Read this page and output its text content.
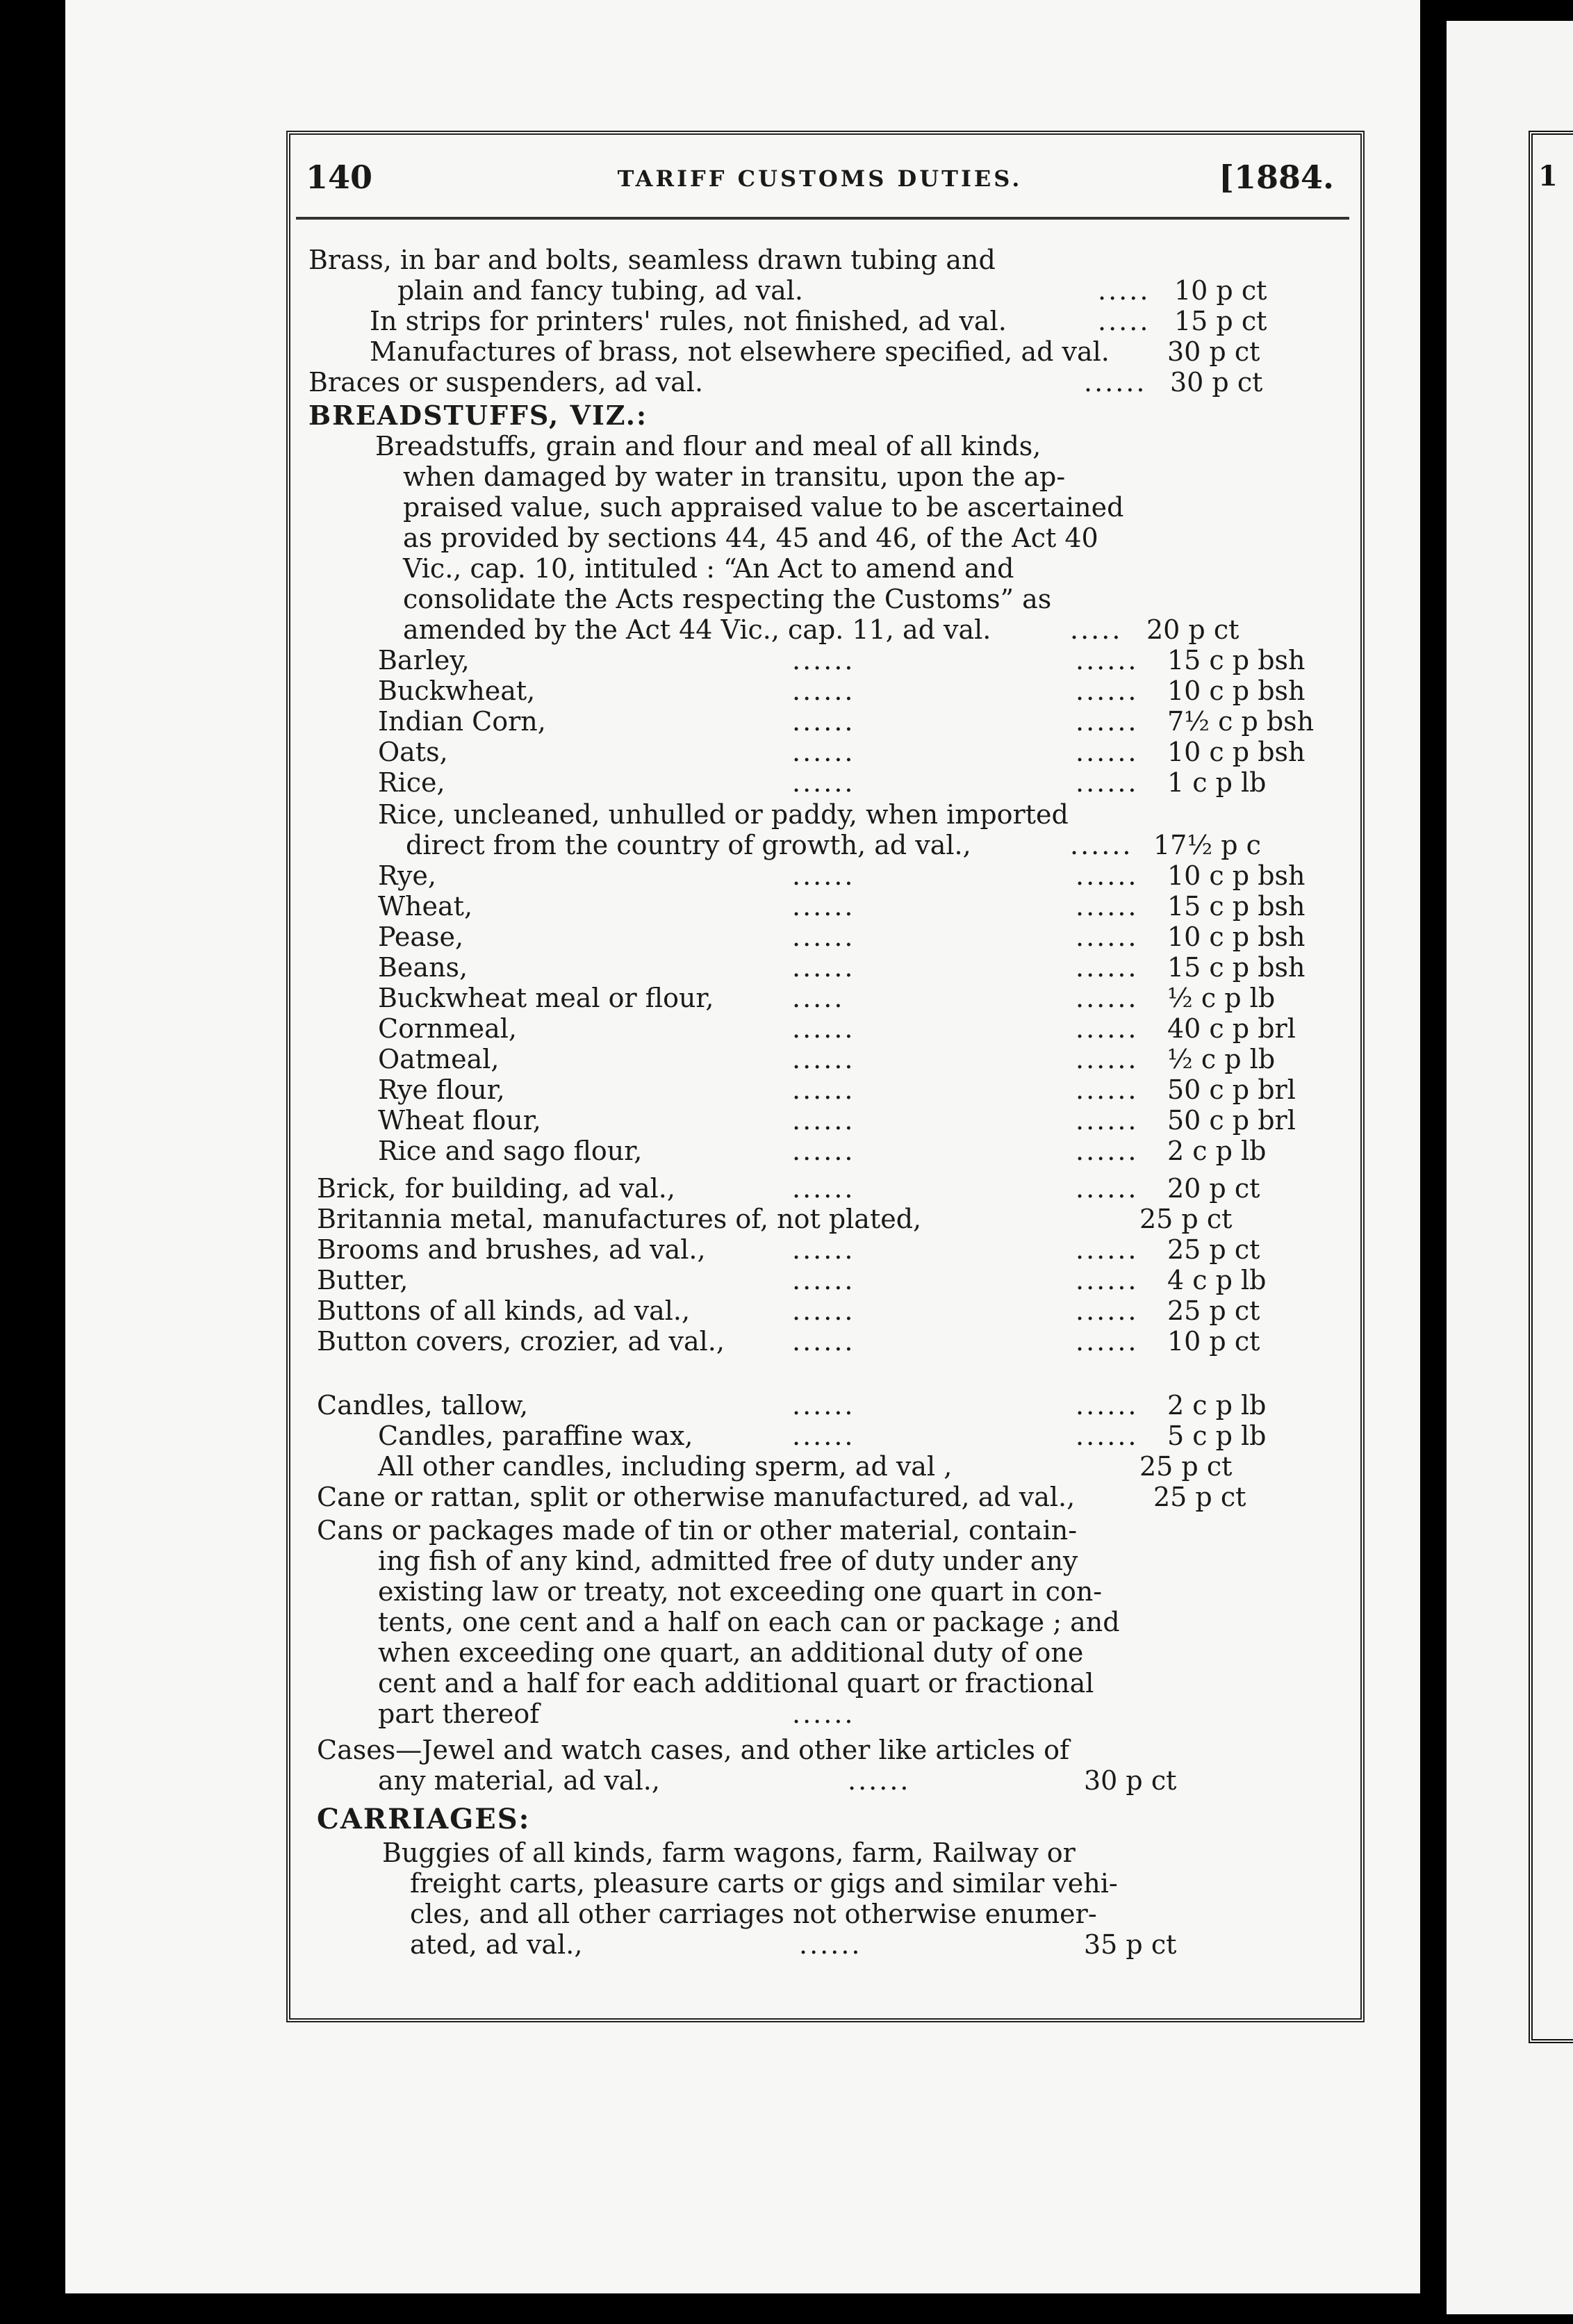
1
140	TARIFF CUSTOMS DUTIES.	[1884.
Brass, in bar and bolts, seamless drawn tubing and
plain and fancy tubing, ad val.	..... 10 p ct
In strips for printers' rules, not finished, ad val.	..... 15 p ct
Manufactures of brass, not elsewhere specified, ad val. 30 p ct
Braces or suspenders, ad val.	...... 30 p ct
BREADSTUFFS, VIZ.:
Breadstuffs, grain and flour and meal of all kinds,
when damaged by water in transitu, upon the ap-
praised value, such appraised value to be ascertained
as provided by sections 44, 45 and 46, of the Act 40
Vic., cap. 10, intituled : “An Act to amend and
consolidate the Acts respecting the Customs” as
amended by the Act 44 Vic., cap. 11, ad val.	..... 20 p ct
Barley,	......	...... 15 c p bsh
Buckwheat,	......	...... 10 c p bsh
Indian Corn,	......	...... 7½ c p bsh
Oats,	......	...... 10 c p bsh
Rice,	......	...... 1 c p lb
Rice, uncleaned, unhulled or paddy, when imported
direct from the country of growth, ad val.,	...... 17½ p c
Rye,	......	...... 10 c p bsh
Wheat,	......	...... 15 c p bsh
Pease,	......	...... 10 c p bsh
Beans,	......	...... 15 c p bsh
Buckwheat meal or flour,	.....	...... ½ c p lb
Cornmeal,	......	...... 40 c p brl
Oatmeal,	......	...... ½ c p lb
Rye flour,	......	...... 50 c p brl
Wheat flour,	......	...... 50 c p brl
Rice and sago flour,	......	...... 2 c p lb
Brick, for building, ad val.,	......	...... 20 p ct
Britannia metal, manufactures of, not plated,	25 p ct
Brooms and brushes, ad val.,	......	...... 25 p ct
Butter,	......	...... 4 c p lb
Buttons of all kinds, ad val.,	......	...... 25 p ct
Button covers, crozier, ad val.,	......	...... 10 p ct
Candles, tallow,	......	...... 2 c p lb
Candles, paraffine wax,	......	...... 5 c p lb
All other candles, including sperm, ad val ,	25 p ct
Cane or rattan, split or otherwise manufactured, ad val.,	25 p ct
Cans or packages made of tin or other material, contain-
ing fish of any kind, admitted free of duty under any
existing law or treaty, not exceeding one quart in con-
tents, one cent and a half on each can or package ; and
when exceeding one quart, an additional duty of one
cent and a half for each additional quart or fractional
part thereof	......
Cases—Jewel and watch cases, and other like articles of
any material, ad val.,	......	30 p ct
CARRIAGES:
Buggies of all kinds, farm wagons, farm, Railway or
freight carts, pleasure carts or gigs and similar vehi-
cles, and all other carriages not otherwise enumer-
ated, ad val.,	......	35 p ct
